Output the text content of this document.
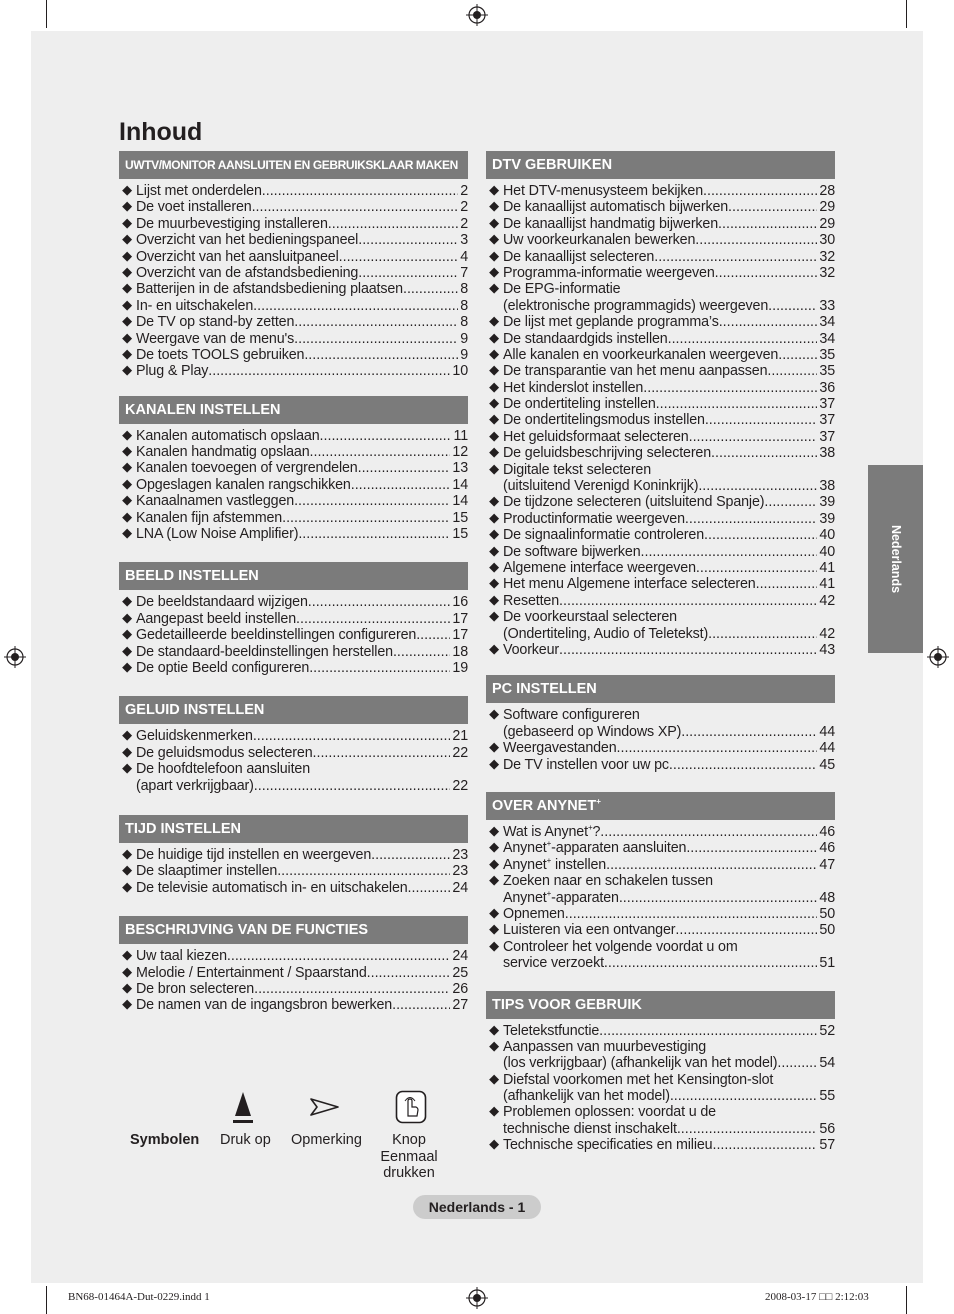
Inhoud
UWTV/MONITOR AANSLUITEN EN GEBRUIKSKLAAR MAKEN
◆ Lijst met onderdelen .....	2
◆ De voet installeren .....	2
◆ De muurbevestiging installeren .....	2
◆ Overzicht van het bedieningspaneel .....	3
◆ Overzicht van het aansluitpaneel .....	4
◆ Overzicht van de afstandsbediening .....	7
◆ Batterijen in de afstandsbediening plaatsen .....	8
◆ In- en uitschakelen .....	8
◆ De TV op stand-by zetten .....	8
◆ Weergave van de menu's .....	9
◆ De toets TOOLS gebruiken .....	9
◆ Plug & Play .....	10
KANALEN INSTELLEN
◆ Kanalen automatisch opslaan .....	11
◆ Kanalen handmatig opslaan .....	12
◆ Kanalen toevoegen of vergrendelen .....	13
◆ Opgeslagen kanalen rangschikken .....	14
◆ Kanaalnamen vastleggen .....	14
◆ Kanalen fijn afstemmen .....	15
◆ LNA (Low Noise Amplifier) .....	15
BEELD INSTELLEN
◆ De beeldstandaard wijzigen .....	16
◆ Aangepast beeld instellen .....	17
◆ Gedetailleerde beeldinstellingen configureren .....	17
◆ De standaard-beeldinstellingen herstellen .....	18
◆ De optie Beeld configureren .....	19
GELUID INSTELLEN
◆ Geluidskenmerken .....	21
◆ De geluidsmodus selecteren .....	22
◆ De hoofdtelefoon aansluiten
(apart verkrijgbaar) .....	22
TIJD INSTELLEN
◆ De huidige tijd instellen en weergeven .....	23
◆ De slaaptimer instellen .....	23
◆ De televisie automatisch in- en uitschakelen .....	24
BESCHRIJVING VAN DE FUNCTIES
◆ Uw taal kiezen .....	24
◆ Melodie / Entertainment / Spaarstand .....	25
◆ De bron selecteren .....	26
◆ De namen van de ingangsbron bewerken .....	27
DTV GEBRUIKEN
◆ Het DTV-menusysteem bekijken .....	28
◆ De kanaallijst automatisch bijwerken .....	29
◆ De kanaallijst handmatig bijwerken .....	29
◆ Uw voorkeurkanalen bewerken .....	30
◆ De kanaallijst selecteren .....	32
◆ Programma-informatie weergeven .....	32
◆ De EPG-informatie
(elektronische programmagids) weergeven .....	33
◆ De lijst met geplande programma’s .....	34
◆ De standaardgids instellen .....	34
◆ Alle kanalen en voorkeurkanalen weergeven .....	35
◆ De transparantie van het menu aanpassen .....	35
◆ Het kinderslot instellen .....	36
◆ De ondertiteling instellen .....	37
◆ De ondertitelingsmodus instellen .....	37
◆ Het geluidsformaat selecteren .....	37
◆ De geluidsbeschrijving selecteren .....	38
◆ Digitale tekst selecteren
(uitsluitend Verenigd Koninkrijk) .....	38
◆ De tijdzone selecteren (uitsluitend Spanje) .....	39
◆ Productinformatie weergeven .....	39
◆ De signaalinformatie controleren .....	40
◆ De software bijwerken .....	40
◆ Algemene interface weergeven .....	41
◆ Het menu Algemene interface selecteren .....	41
◆ Resetten .....	42
◆ De voorkeurstaal selecteren
(Ondertiteling, Audio of Teletekst) .....	42
◆ Voorkeur .....	43
PC INSTELLEN
◆ Software configureren
(gebaseerd op Windows XP) .....	44
◆ Weergavestanden .....	44
◆ De TV instellen voor uw pc .....	45
OVER ANYNET+
◆ Wat is Anynet+? .....	46
◆ Anynet+-apparaten aansluiten .....	46
◆ Anynet+ instellen .....	47
◆ Zoeken naar en schakelen tussen
Anynet+-apparaten .....	48
◆ Opnemen .....	50
◆ Luisteren via een ontvanger .....	50
◆ Controleer het volgende voordat u om
service verzoekt .....	51
TIPS VOOR GEBRUIK
◆ Teletekstfunctie .....	52
◆ Aanpassen van muurbevestiging
(los verkrijgbaar) (afhankelijk van het model) .....	54
◆ Diefstal voorkomen met het Kensington-slot
(afhankelijk van het model) .....	55
◆ Problemen oplossen: voordat u de
technische dienst inschakelt .....	56
◆ Technische specificaties en milieu .....	57
Nederlands
Symbolen Druk op Opmerking	Knop
Eenmaal
drukken
Nederlands - 1
BN68-01464A-Dut-0229.indd 1	2008-03-17 □□ 2:12:03
